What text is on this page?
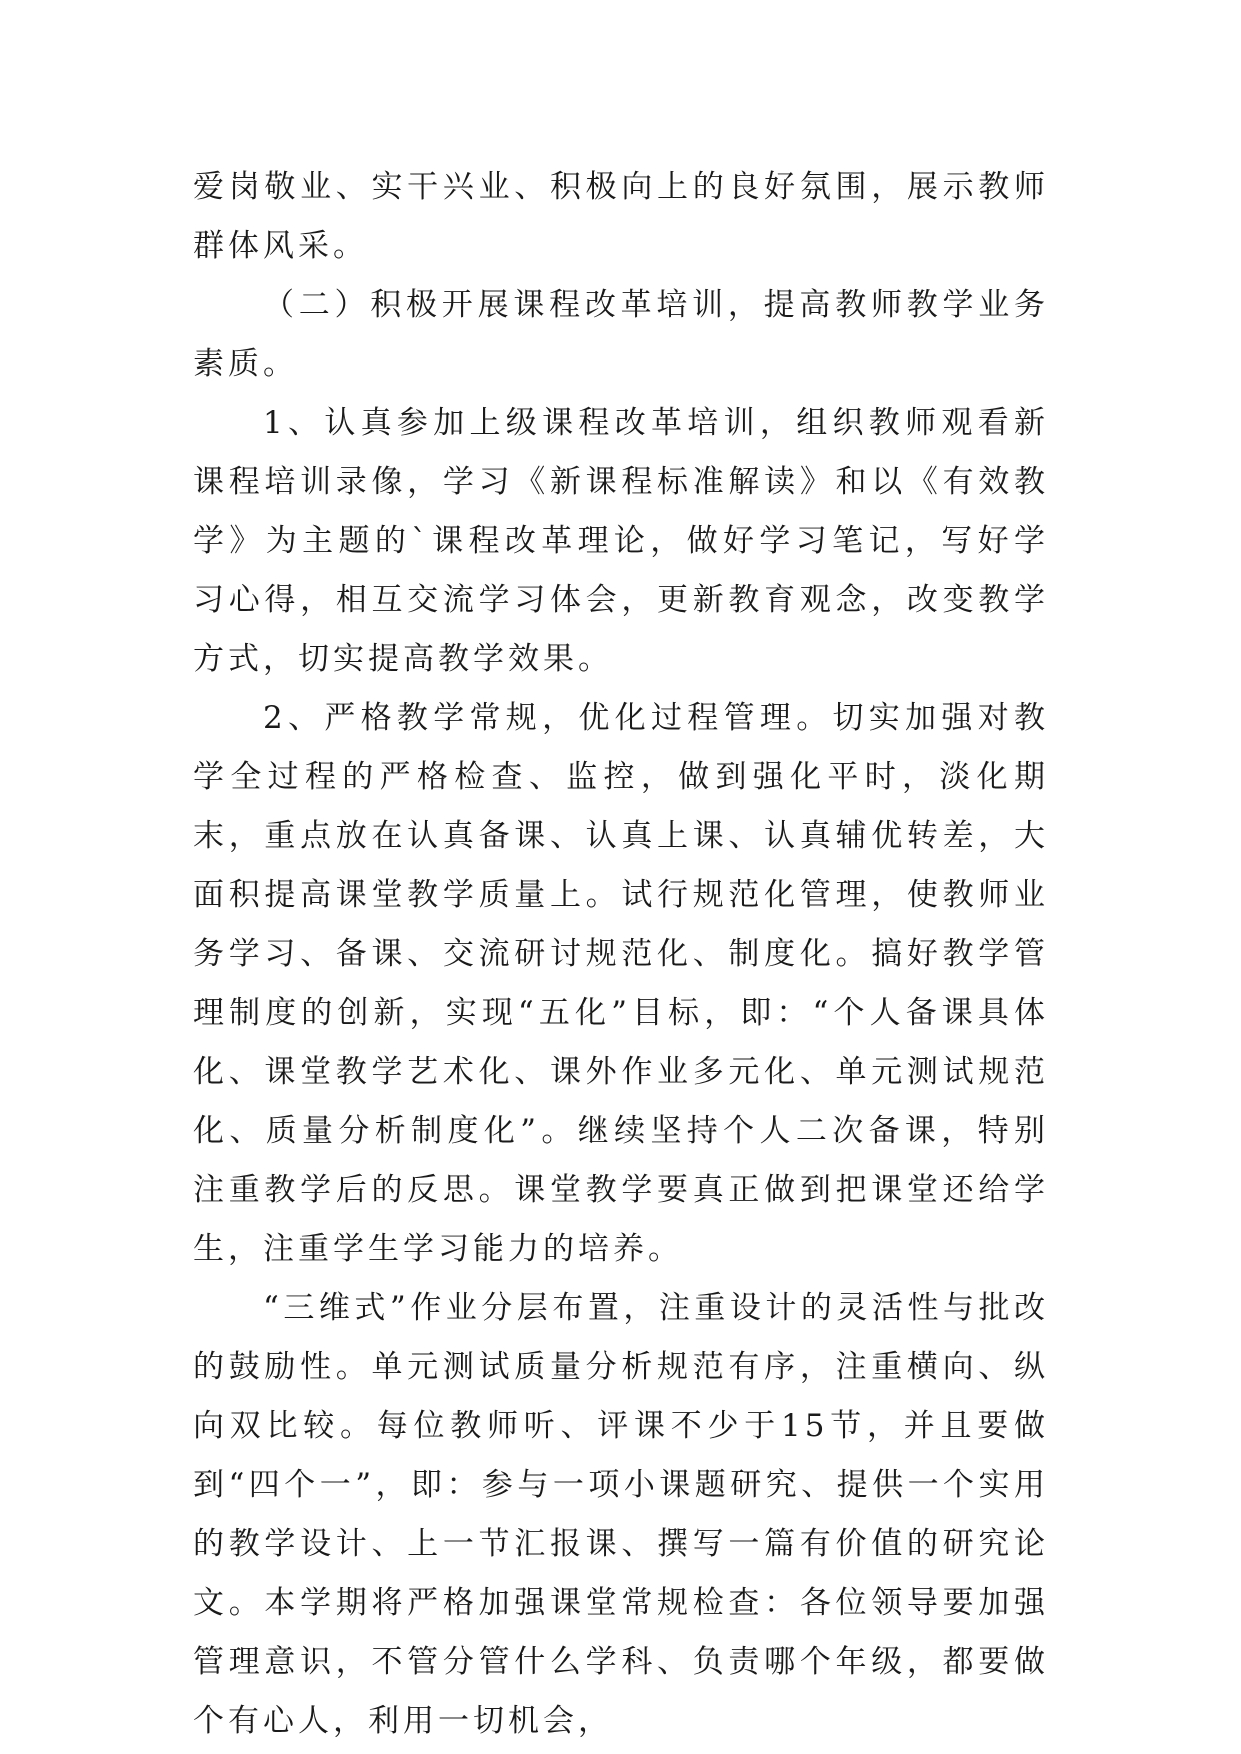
爱岗敬业、实干兴业、积极向上的良好氛围，展示教师群体风采。

（二）积极开展课程改革培训，提高教师教学业务素质。

1、认真参加上级课程改革培训，组织教师观看新课程培训录像，学习《新课程标准解读》和以《有效教学》为主题的`课程改革理论，做好学习笔记，写好学习心得，相互交流学习体会，更新教育观念，改变教学方式，切实提高教学效果。

2、严格教学常规，优化过程管理。切实加强对教学全过程的严格检查、监控，做到强化平时，淡化期末，重点放在认真备课、认真上课、认真辅优转差，大面积提高课堂教学质量上。试行规范化管理，使教师业务学习、备课、交流研讨规范化、制度化。搞好教学管理制度的创新，实现“五化”目标，即：“个人备课具体化、课堂教学艺术化、课外作业多元化、单元测试规范化、质量分析制度化”。继续坚持个人二次备课，特别注重教学后的反思。课堂教学要真正做到把课堂还给学生，注重学生学习能力的培养。

“三维式”作业分层布置，注重设计的灵活性与批改的鼓励性。单元测试质量分析规范有序，注重横向、纵向双比较。每位教师听、评课不少于15节，并且要做到“四个一”，即：参与一项小课题研究、提供一个实用的教学设计、上一节汇报课、撰写一篇有价值的研究论文。本学期将严格加强课堂常规检查：各位领导要加强管理意识，不管分管什么学科、负责哪个年级，都要做个有心人，利用一切机会，
